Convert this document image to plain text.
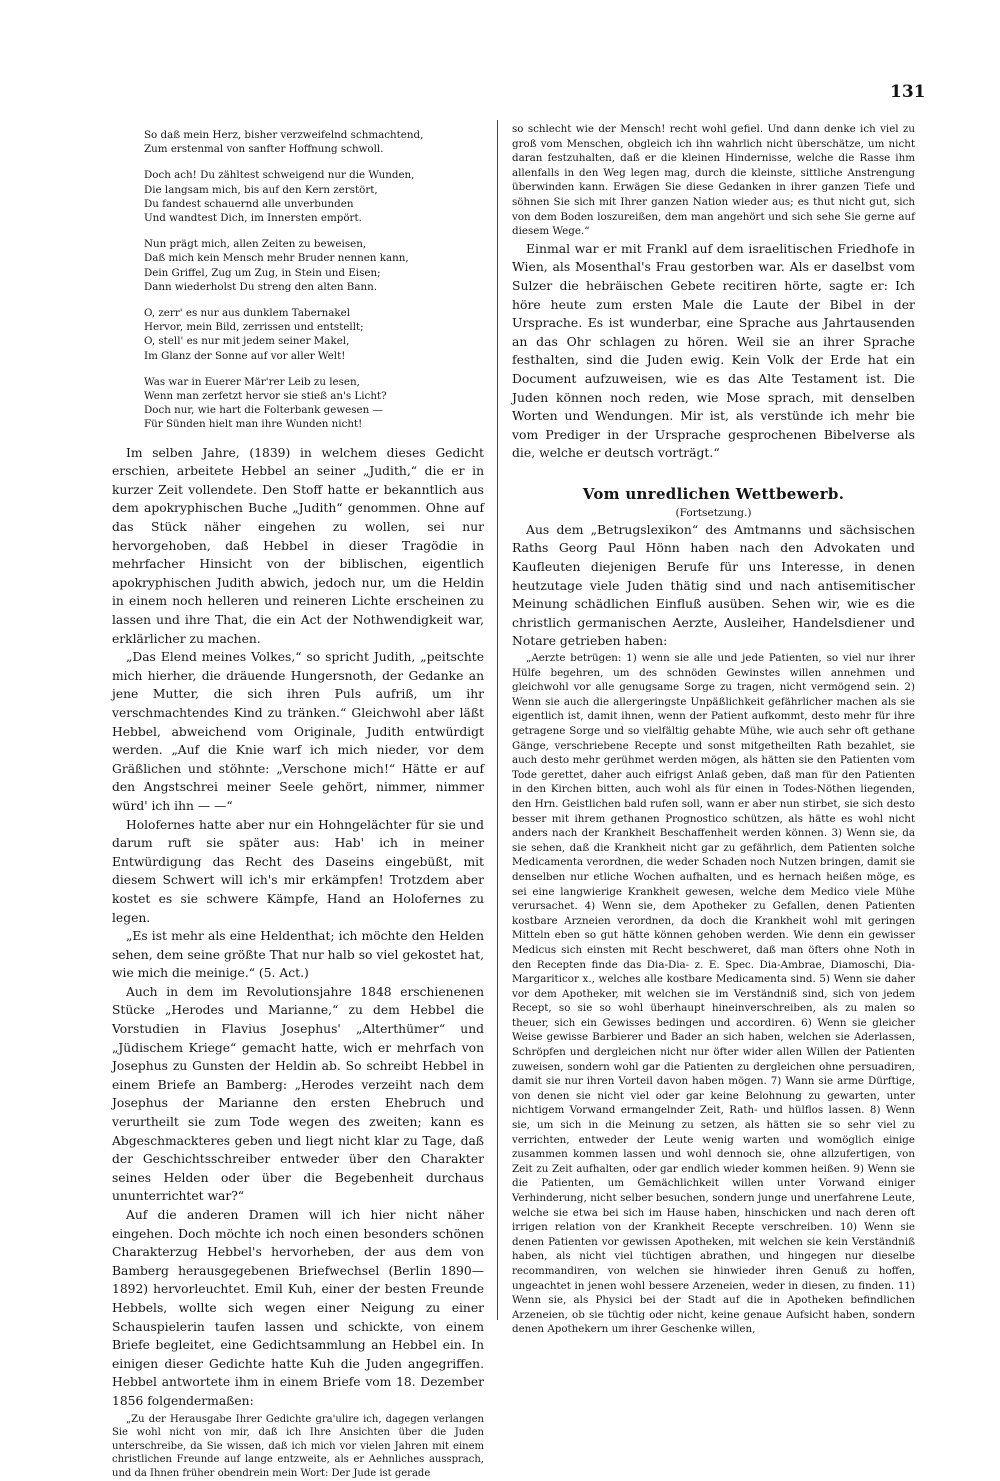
131
So daß mein Herz, bisher verzweifelnd schmachtend,
Zum erstenmal von sanfter Hoffnung schwoll.
Doch ach! Du zähltest schweigend nur die Wunden,
Die langsam mich, bis auf den Kern zerstört,
Du fandest schauernd alle unverbunden
Und wandtest Dich, im Innersten empört.
Nun prägt mich, allen Zeiten zu beweisen,
Daß mich kein Mensch mehr Bruder nennen kann,
Dein Griffel, Zug um Zug, in Stein und Eisen;
Dann wiederholst Du streng den alten Bann.
O, zerr' es nur aus dunklem Tabernakel
Hervor, mein Bild, zerrissen und entstellt;
O, stell' es nur mit jedem seiner Makel,
Im Glanz der Sonne auf vor aller Welt!
Was war in Euerer Mär'rer Leib zu lesen,
Wenn man zerfetzt hervor sie stieß an's Licht?
Doch nur, wie hart die Folterbank gewesen —
Für Sünden hielt man ihre Wunden nicht!

Im selben Jahre, (1839) in welchem dieses Gedicht erschien, arbeitete Hebbel an seiner „Judith,“ die er in kurzer Zeit vollendete. Den Stoff hatte er bekanntlich aus dem apokryphischen Buche „Judith“ genommen. Ohne auf das Stück näher eingehen zu wollen, sei nur hervorgehoben, daß Hebbel in dieser Tragödie in mehrfacher Hinsicht von der biblischen, eigentlich apokryphischen Judith abwich, jedoch nur, um die Heldin in einem noch helleren und reineren Lichte erscheinen zu lassen und ihre That, die ein Act der Nothwendigkeit war, erklärlicher zu machen.

„Das Elend meines Volkes,“ so spricht Judith, „peitschte mich hierher, die dräuende Hungersnoth, der Gedanke an jene Mutter, die sich ihren Puls aufriß, um ihr verschmachtendes Kind zu tränken.“ Gleichwohl aber läßt Hebbel, abweichend vom Originale, Judith entwürdigt werden. „Auf die Knie warf ich mich nieder, vor dem Gräßlichen und stöhnte: „Verschone mich!“ Hätte er auf den Angstschrei meiner Seele gehört, nimmer, nimmer würd' ich ihn — —“

Holofernes hatte aber nur ein Hohngelächter für sie und darum ruft sie später aus: Hab' ich in meiner Entwürdigung das Recht des Daseins eingebüßt, mit diesem Schwert will ich's mir erkämpfen! Trotzdem aber kostet es sie schwere Kämpfe, Hand an Holofernes zu legen.

„Es ist mehr als eine Heldenthat; ich möchte den Helden sehen, dem seine größte That nur halb so viel gekostet hat, wie mich die meinige.“ (5. Act.)

Auch in dem im Revolutionsjahre 1848 erschienenen Stücke „Herodes und Marianne,“ zu dem Hebbel die Vorstudien in Flavius Josephus' „Alterthümer“ und „Jüdischem Kriege“ gemacht hatte, wich er mehrfach von Josephus zu Gunsten der Heldin ab. So schreibt Hebbel in einem Briefe an Bamberg: „Herodes verzeiht nach dem Josephus der Marianne den ersten Ehebruch und verurtheilt sie zum Tode wegen des zweiten; kann es Abgeschmackteres geben und liegt nicht klar zu Tage, daß der Geschichtsschreiber entweder über den Charakter seines Helden oder über die Begebenheit durchaus ununterrichtet war?“

Auf die anderen Dramen will ich hier nicht näher eingehen. Doch möchte ich noch einen besonders schönen Charakterzug Hebbel's hervorheben, der aus dem von Bamberg herausgegebenen Briefwechsel (Berlin 1890—1892) hervorleuchtet. Emil Kuh, einer der besten Freunde Hebbels, wollte sich wegen einer Neigung zu einer Schauspielerin taufen lassen und schickte, von einem Briefe begleitet, eine Gedichtsammlung an Hebbel ein. In einigen dieser Gedichte hatte Kuh die Juden angegriffen. Hebbel antwortete ihm in einem Briefe vom 18. Dezember 1856 folgendermaßen:

„Zu der Herausgabe Ihrer Gedichte gra'ulire ich, dagegen verlangen Sie wohl nicht von mir, daß ich Ihre Ansichten über die Juden unterschreibe, da Sie wissen, daß ich mich vor vielen Jahren mit einem christlichen Freunde auf lange entzweite, als er Aehnliches aussprach, und da Ihnen früher obendrein mein Wort: Der Jude ist gerade

so schlecht wie der Mensch! recht wohl gefiel. Und dann denke ich viel zu groß vom Menschen, obgleich ich ihn wahrlich nicht überschätze, um nicht daran festzuhalten, daß er die kleinen Hindernisse, welche die Rasse ihm allenfalls in den Weg legen mag, durch die kleinste, sittliche Anstrengung überwinden kann. Erwägen Sie diese Gedanken in ihrer ganzen Tiefe und söhnen Sie sich mit Ihrer ganzen Nation wieder aus; es thut nicht gut, sich von dem Boden loszureißen, dem man angehört und sich sehe Sie gerne auf diesem Wege.“

Einmal war er mit Frankl auf dem israelitischen Friedhofe in Wien, als Mosenthal's Frau gestorben war. Als er daselbst vom Sulzer die hebräischen Gebete recitiren hörte, sagte er: Ich höre heute zum ersten Male die Laute der Bibel in der Ursprache. Es ist wunderbar, eine Sprache aus Jahrtausenden an das Ohr schlagen zu hören. Weil sie an ihrer Sprache festhalten, sind die Juden ewig. Kein Volk der Erde hat ein Document aufzuweisen, wie es das Alte Testament ist. Die Juden können noch reden, wie Mose sprach, mit denselben Worten und Wendungen. Mir ist, als verstünde ich mehr bie vom Prediger in der Ursprache gesprochenen Bibelverse als die, welche er deutsch vorträgt.“

Vom unredlichen Wettbewerb.
(Fortsetzung.)

Aus dem „Betrugslexikon“ des Amtmanns und sächsischen Raths Georg Paul Hönn haben nach den Advokaten und Kaufleuten diejenigen Berufe für uns Interesse, in denen heutzutage viele Juden thätig sind und nach antisemitischer Meinung schädlichen Einfluß ausüben. Sehen wir, wie es die christlich germanischen Aerzte, Ausleiher, Handelsdiener und Notare getrieben haben:

„Aerzte betrügen: 1) wenn sie alle und jede Patienten, so viel nur ihrer Hülfe begehren, um des schnöden Gewinstes willen annehmen und gleichwohl vor alle genugsame Sorge zu tragen, nicht vermögend sein. 2) Wenn sie auch die allergeringste Unpäßlichkeit gefährlicher machen als sie eigentlich ist, damit ihnen, wenn der Patient aufkommt, desto mehr für ihre getragene Sorge und so vielfältig gehabte Mühe, wie auch sehr oft gethane Gänge, verschriebene Recepte und sonst mitgetheilten Rath bezahlet, sie auch desto mehr gerühmet werden mögen, als hätten sie den Patienten vom Tode gerettet, daher auch eifrigst Anlaß geben, daß man für den Patienten in den Kirchen bitten, auch wohl als für einen in Todes-Nöthen liegenden, den Hrn. Geistlichen bald rufen soll, wann er aber nun stirbet, sie sich desto besser mit ihrem gethanen Prognostico schützen, als hätte es wohl nicht anders nach der Krankheit Beschaffenheit werden können. 3) Wenn sie, da sie sehen, daß die Krankheit nicht gar zu gefährlich, dem Patienten solche Medicamenta verordnen, die weder Schaden noch Nutzen bringen, damit sie denselben nur etliche Wochen aufhalten, und es hernach heißen möge, es sei eine langwierige Krankheit gewesen, welche dem Medico viele Mühe verursachet. 4) Wenn sie, dem Apotheker zu Gefallen, denen Patienten kostbare Arzneien verordnen, da doch die Krankheit wohl mit geringen Mitteln eben so gut hätte können gehoben werden. Wie denn ein gewisser Medicus sich einsten mit Recht beschweret, daß man öfters ohne Noth in den Recepten finde das Dia-Dia- z. E. Spec. Dia-Ambrae, Diamoschi, Dia-Margariticor x., welches alle kostbare Medicamenta sind. 5) Wenn sie daher vor dem Apotheker, mit welchen sie im Verständniß sind, sich von jedem Recept, so sie so wohl überhaupt hineinverschreiben, als zu malen so theuer, sich ein Gewisses bedingen und accordiren. 6) Wenn sie gleicher Weise gewisse Barbierer und Bader an sich haben, welchen sie Aderlassen, Schröpfen und dergleichen nicht nur öfter wider allen Willen der Patienten zuweisen, sondern wohl gar die Patienten zu dergleichen ohne persuadiren, damit sie nur ihren Vorteil davon haben mögen. 7) Wann sie arme Dürftige, von denen sie nicht viel oder gar keine Belohnung zu gewarten, unter nichtigem Vorwand ermangelnder Zeit, Rath- und hülflos lassen. 8) Wenn sie, um sich in die Meinung zu setzen, als hätten sie so sehr viel zu verrichten, entweder der Leute wenig warten und womöglich einige zusammen kommen lassen und wohl dennoch sie, ohne allzufertigen, von Zeit zu Zeit aufhalten, oder gar endlich wieder kommen heißen. 9) Wenn sie die Patienten, um Gemächlichkeit willen unter Vorwand einiger Verhinderung, nicht selber besuchen, sondern junge und unerfahrene Leute, welche sie etwa bei sich im Hause haben, hinschicken und nach deren oft irrigen relation von der Krankheit Recepte verschreiben. 10) Wenn sie denen Patienten vor gewissen Apotheken, mit welchen sie kein Verständniß haben, als nicht viel tüchtigen abrathen, und hingegen nur dieselbe recommandiren, von welchen sie hinwieder ihren Genuß zu hoffen, ungeachtet in jenen wohl bessere Arzeneien, weder in diesen, zu finden. 11) Wenn sie, als Physici bei der Stadt auf die in Apotheken befindlichen Arzeneien, ob sie tüchtig oder nicht, keine genaue Aufsicht haben, sondern denen Apothekern um ihrer Geschenke willen,
